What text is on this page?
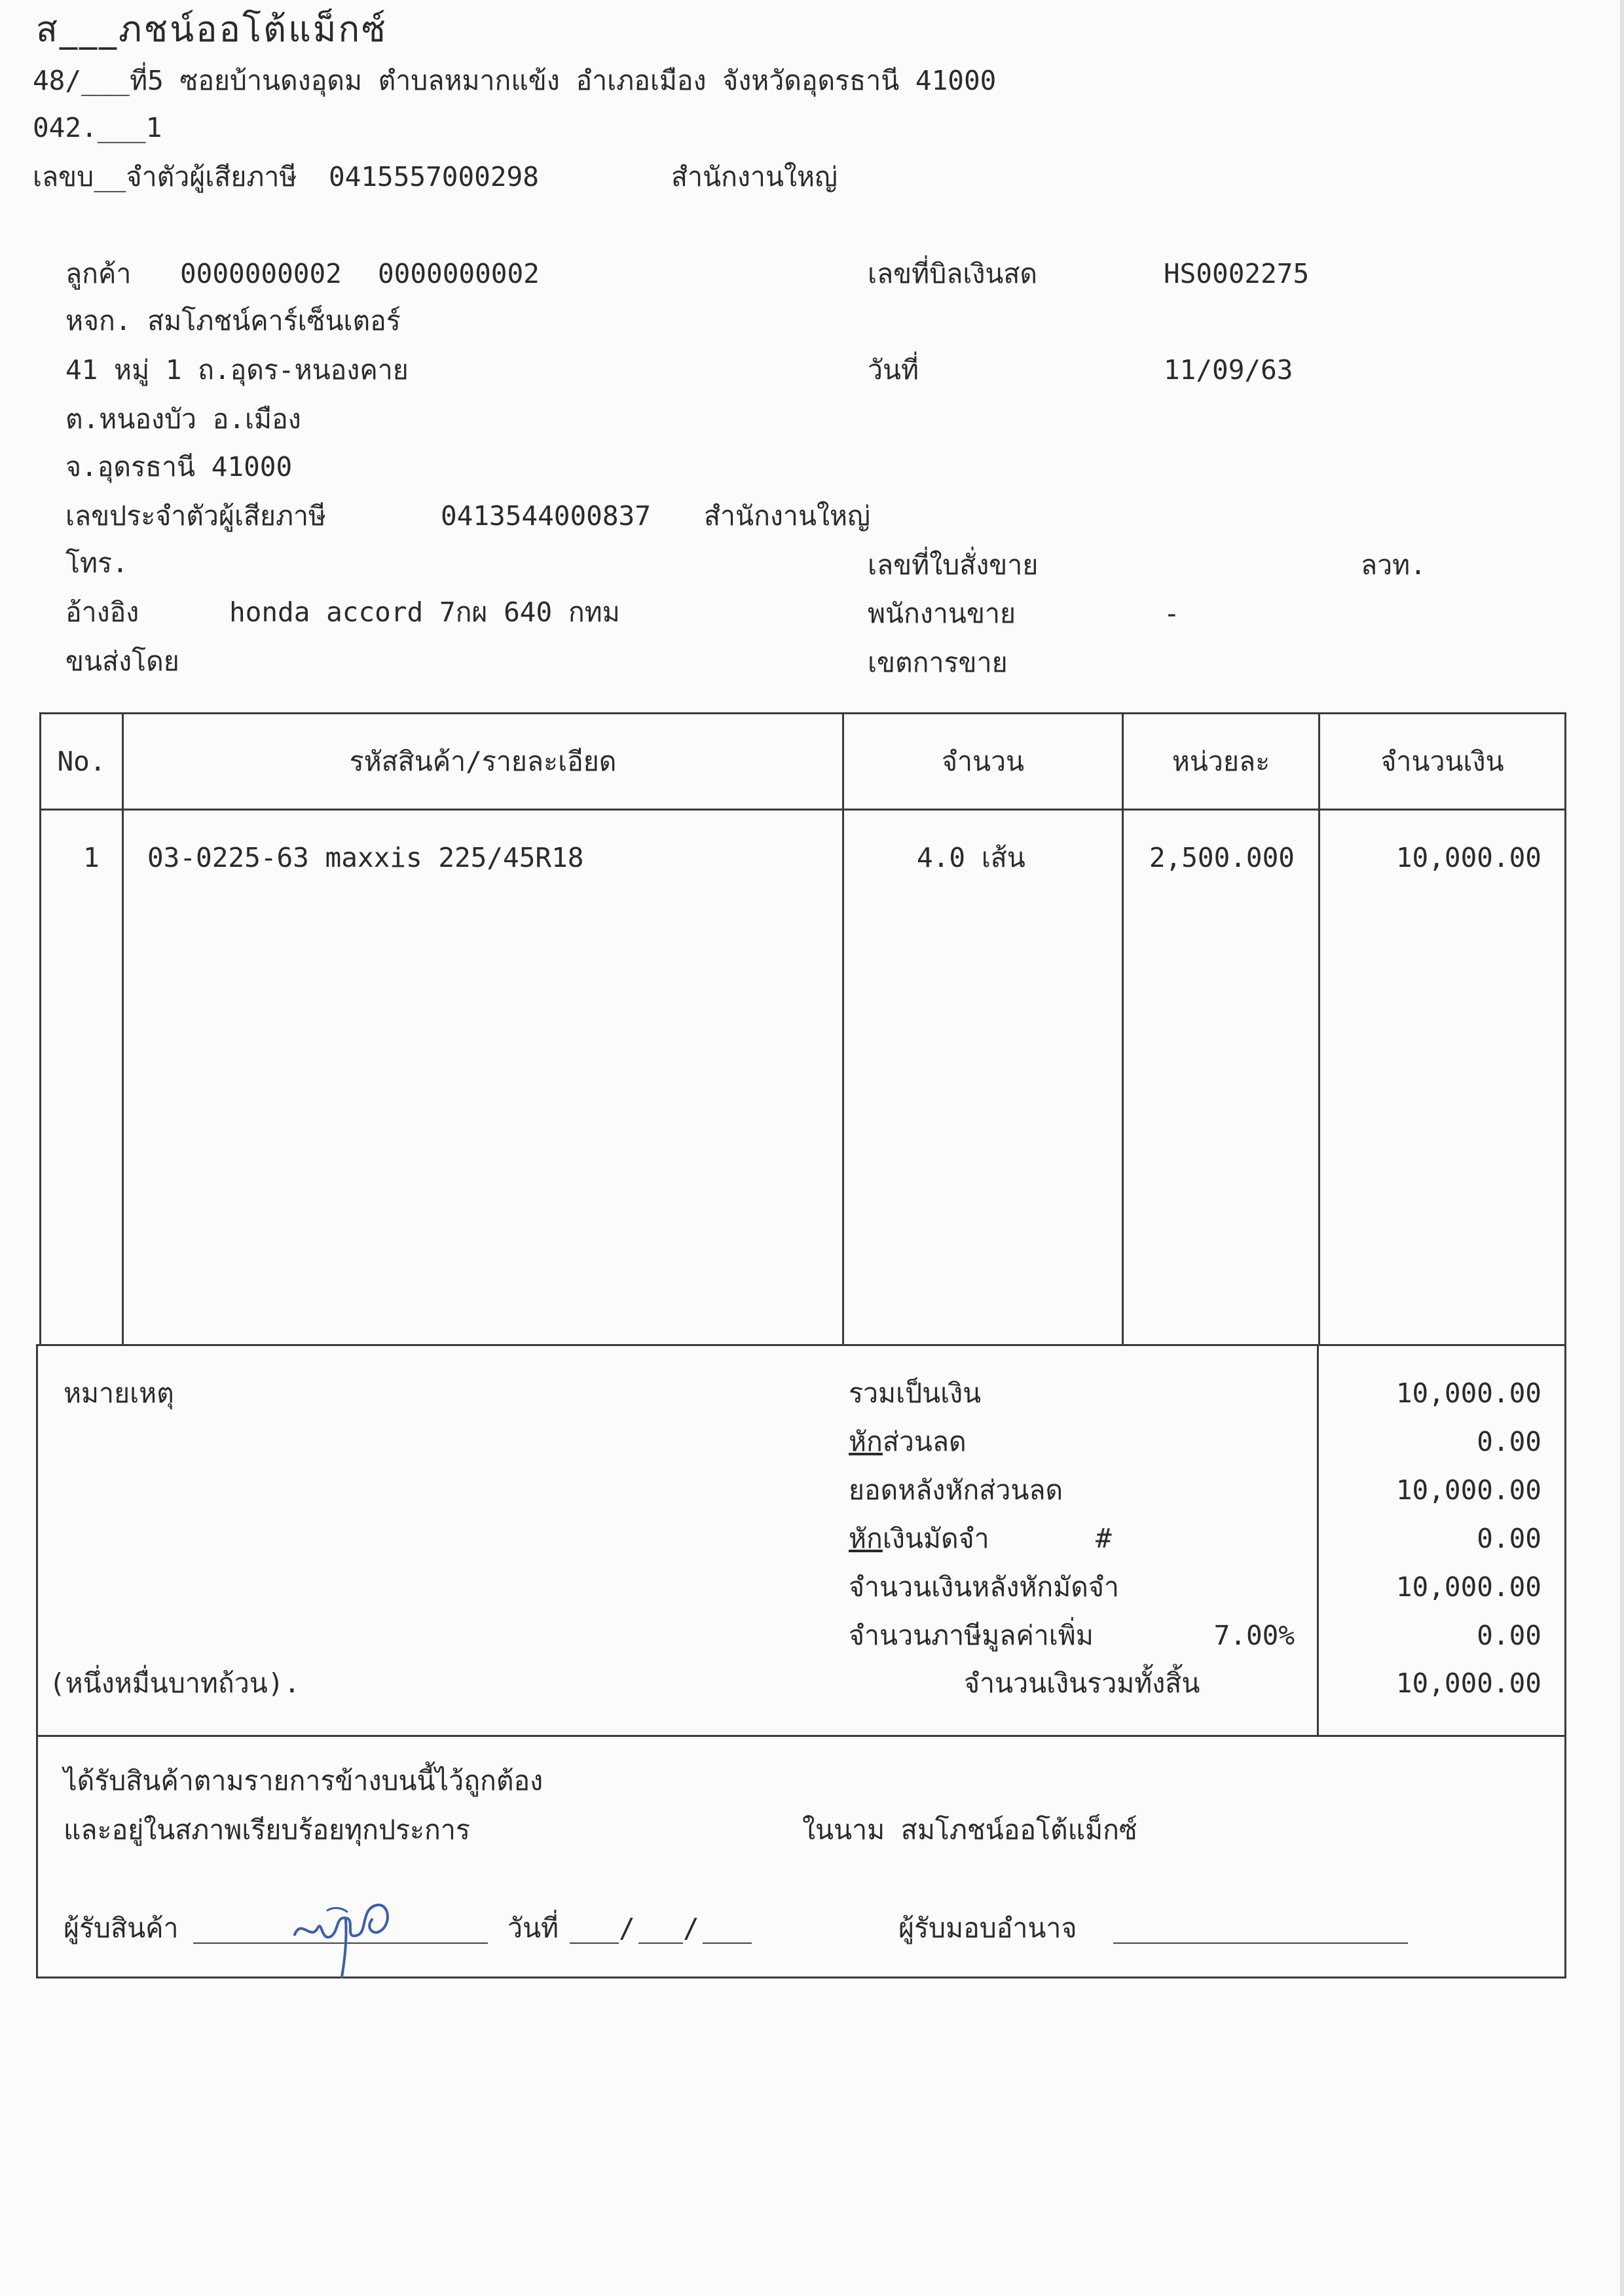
ส___ภชน์ออโต้แม็กซ์
48/___ที่5 ซอยบ้านดงอุดม ตำบลหมากแข้ง อำเภอเมือง จังหวัดอุดรธานี 41000
042.___1
เลขบ__จำตัวผู้เสียภาษี 0415557000298	สำนักงานใหญ่
ลูกค้า 0000000002 0000000002
หจก. สมโภชน์คาร์เซ็นเตอร์
41 หมู่ 1 ถ.อุดร-หนองคาย
ต.หนองบัว อ.เมือง
จ.อุดรธานี 41000
เลขประจำตัวผู้เสียภาษี	0413544000837 สำนักงานใหญ่
โทร.
อ้างอิง	honda accord 7กผ 640 กทม
ขนส่งโดย
เลขที่บิลเงินสด	HS0002275
วันที่	11/09/63
เลขที่ใบสั่งขาย	ลวท.
พนักงานขาย	-
เขตการขาย
No.	รหัสสินค้า/รายละเอียด	จำนวน	หน่วยละ	จำนวนเงิน
1 03-0225-63 maxxis 225/45R18	4.0 เส้น	2,500.000	10,000.00
หมายเหตุ	รวมเป็นเงิน	10,000.00
หักส่วนลด	0.00
ยอดหลังหักส่วนลด	10,000.00
หักเงินมัดจำ	#	0.00
จำนวนเงินหลังหักมัดจำ	10,000.00
จำนวนภาษีมูลค่าเพิ่ม	7.00%	0.00
(หนึ่งหมื่นบาทถ้วน).	จำนวนเงินรวมทั้งสิ้น	10,000.00
ได้รับสินค้าตามรายการข้างบนนี้ไว้ถูกต้อง
และอยู่ในสภาพเรียบร้อยทุกประการ	ในนาม สมโภชน์ออโต้แม็กซ์
ผู้รับสินค้า	วันที่ / /	ผู้รับมอบอำนาจ
